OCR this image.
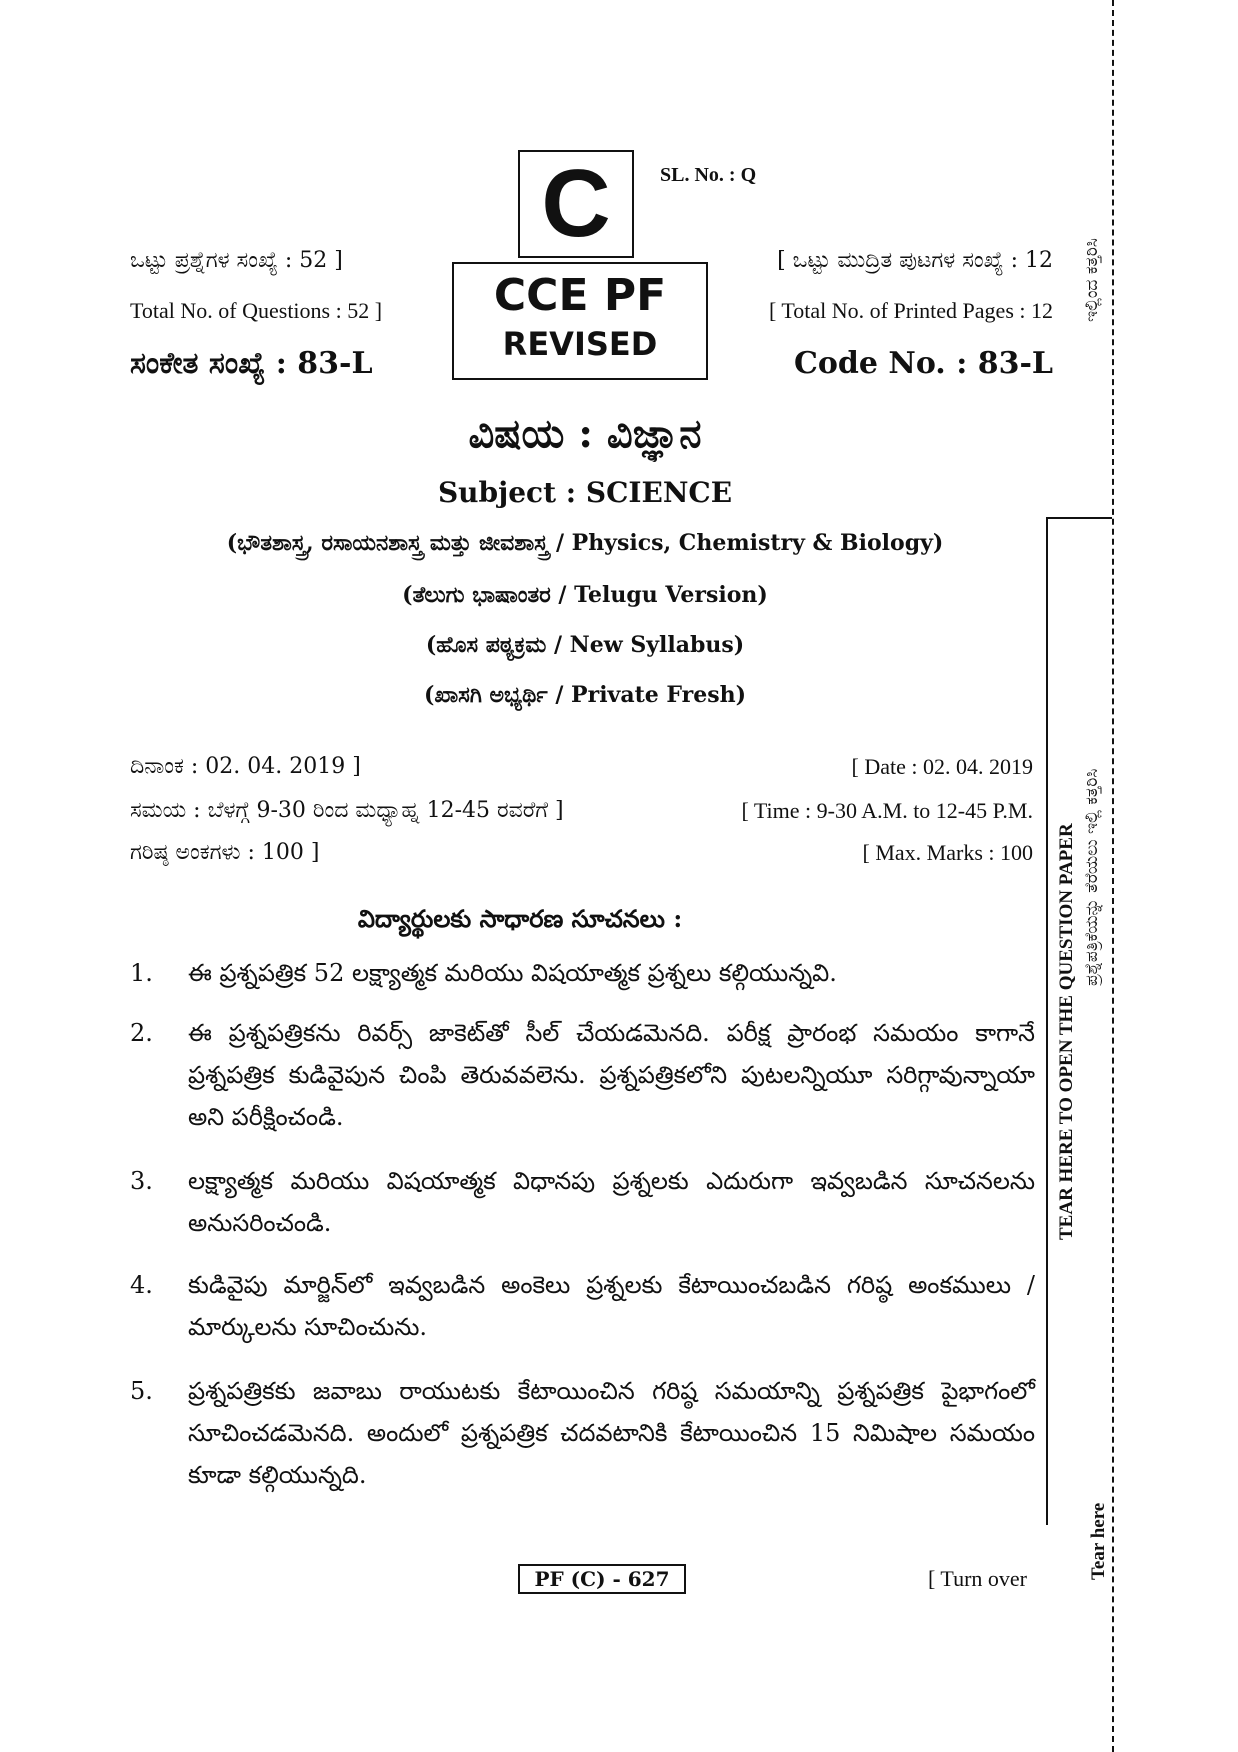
C	SL. No. : Q
ಒಟ್ಟು ಪ್ರಶ್ನೆಗಳ ಸಂಖ್ಯೆ : 52 ]
Total No. of Questions : 52 ]
[ ಒಟ್ಟು ಮುದ್ರಿತ ಪುಟಗಳ ಸಂಖ್ಯೆ : 12
[ Total No. of Printed Pages : 12
CCE PF
REVISED
ಸಂಕೇತ ಸಂಖ್ಯೆ : 83-L	Code No. : 83-L
ವಿಷಯ : ವಿಜ್ಞಾನ
Subject : SCIENCE
(ಭೌತಶಾಸ್ತ್ರ, ರಸಾಯನಶಾಸ್ತ್ರ ಮತ್ತು ಜೀವಶಾಸ್ತ್ರ / Physics, Chemistry & Biology)
(ತೆಲುಗು ಭಾಷಾಂತರ / Telugu Version)
(ಹೊಸ ಪಠ್ಯಕ್ರಮ / New Syllabus)
(ಖಾಸಗಿ ಅಭ್ಯರ್ಥಿ / Private Fresh)
ದಿನಾಂಕ : 02. 04. 2019 ]	[ Date : 02. 04. 2019
ಸಮಯ : ಬೆಳಗ್ಗೆ 9-30 ರಿಂದ ಮಧ್ಯಾಹ್ನ 12-45 ರವರೆಗೆ ]	[ Time : 9-30 A.M. to 12-45 P.M.
ಗರಿಷ್ಠ ಅಂಕಗಳು : 100 ]	[ Max. Marks : 100
విద్యార్థులకు సాధారణ సూచనలు :
1.	ఈ ప్రశ్నపత్రిక 52 లక్ష్యాత్మక మరియు విషయాత్మక ప్రశ్నలు కల్గియున్నవి.
2.	ఈ ప్రశ్నపత్రికను రివర్స్ జాకెట్‌తో సీల్ చేయడమెనది. పరీక్ష ప్రారంభ సమయం కాగానే ప్రశ్నపత్రిక కుడివైపున చింపి తెరువవలెను. ప్రశ్నపత్రికలోని పుటలన్నియూ సరిగ్గావున్నాయా అని పరీక్షించండి.
3.	లక్ష్యాత్మక మరియు విషయాత్మక విధానపు ప్రశ్నలకు ఎదురుగా ఇవ్వబడిన సూచనలను అనుసరించండి.
4.	కుడివైపు మార్జిన్‌లో ఇవ్వబడిన అంకెలు ప్రశ్నలకు కేటాయించబడిన గరిష్ఠ అంకములు / మార్కులను సూచించును.
5.	ప్రశ్నపత్రికకు జవాబు రాయుటకు కేటాయించిన గరిష్ఠ సమయాన్ని ప్రశ్నపత్రిక పైభాగంలో సూచించడమెనది. అందులో ప్రశ్నపత్రిక చదవటానికి కేటాయించిన 15 నిమిషాల సమయం కూడా కల్గియున్నది.
PF (C) - 627	[ Turn over
TEAR HERE TO OPEN THE QUESTION PAPER ಪ್ರಶ್ನೆಪತ್ರಿಕೆಯನ್ನು ತೆರೆಯಲು ಇಲ್ಲಿ ಕತ್ತರಿಸಿ
ಇಲ್ಲಿಂದ ಕತ್ತರಿಸಿ
Tear here
